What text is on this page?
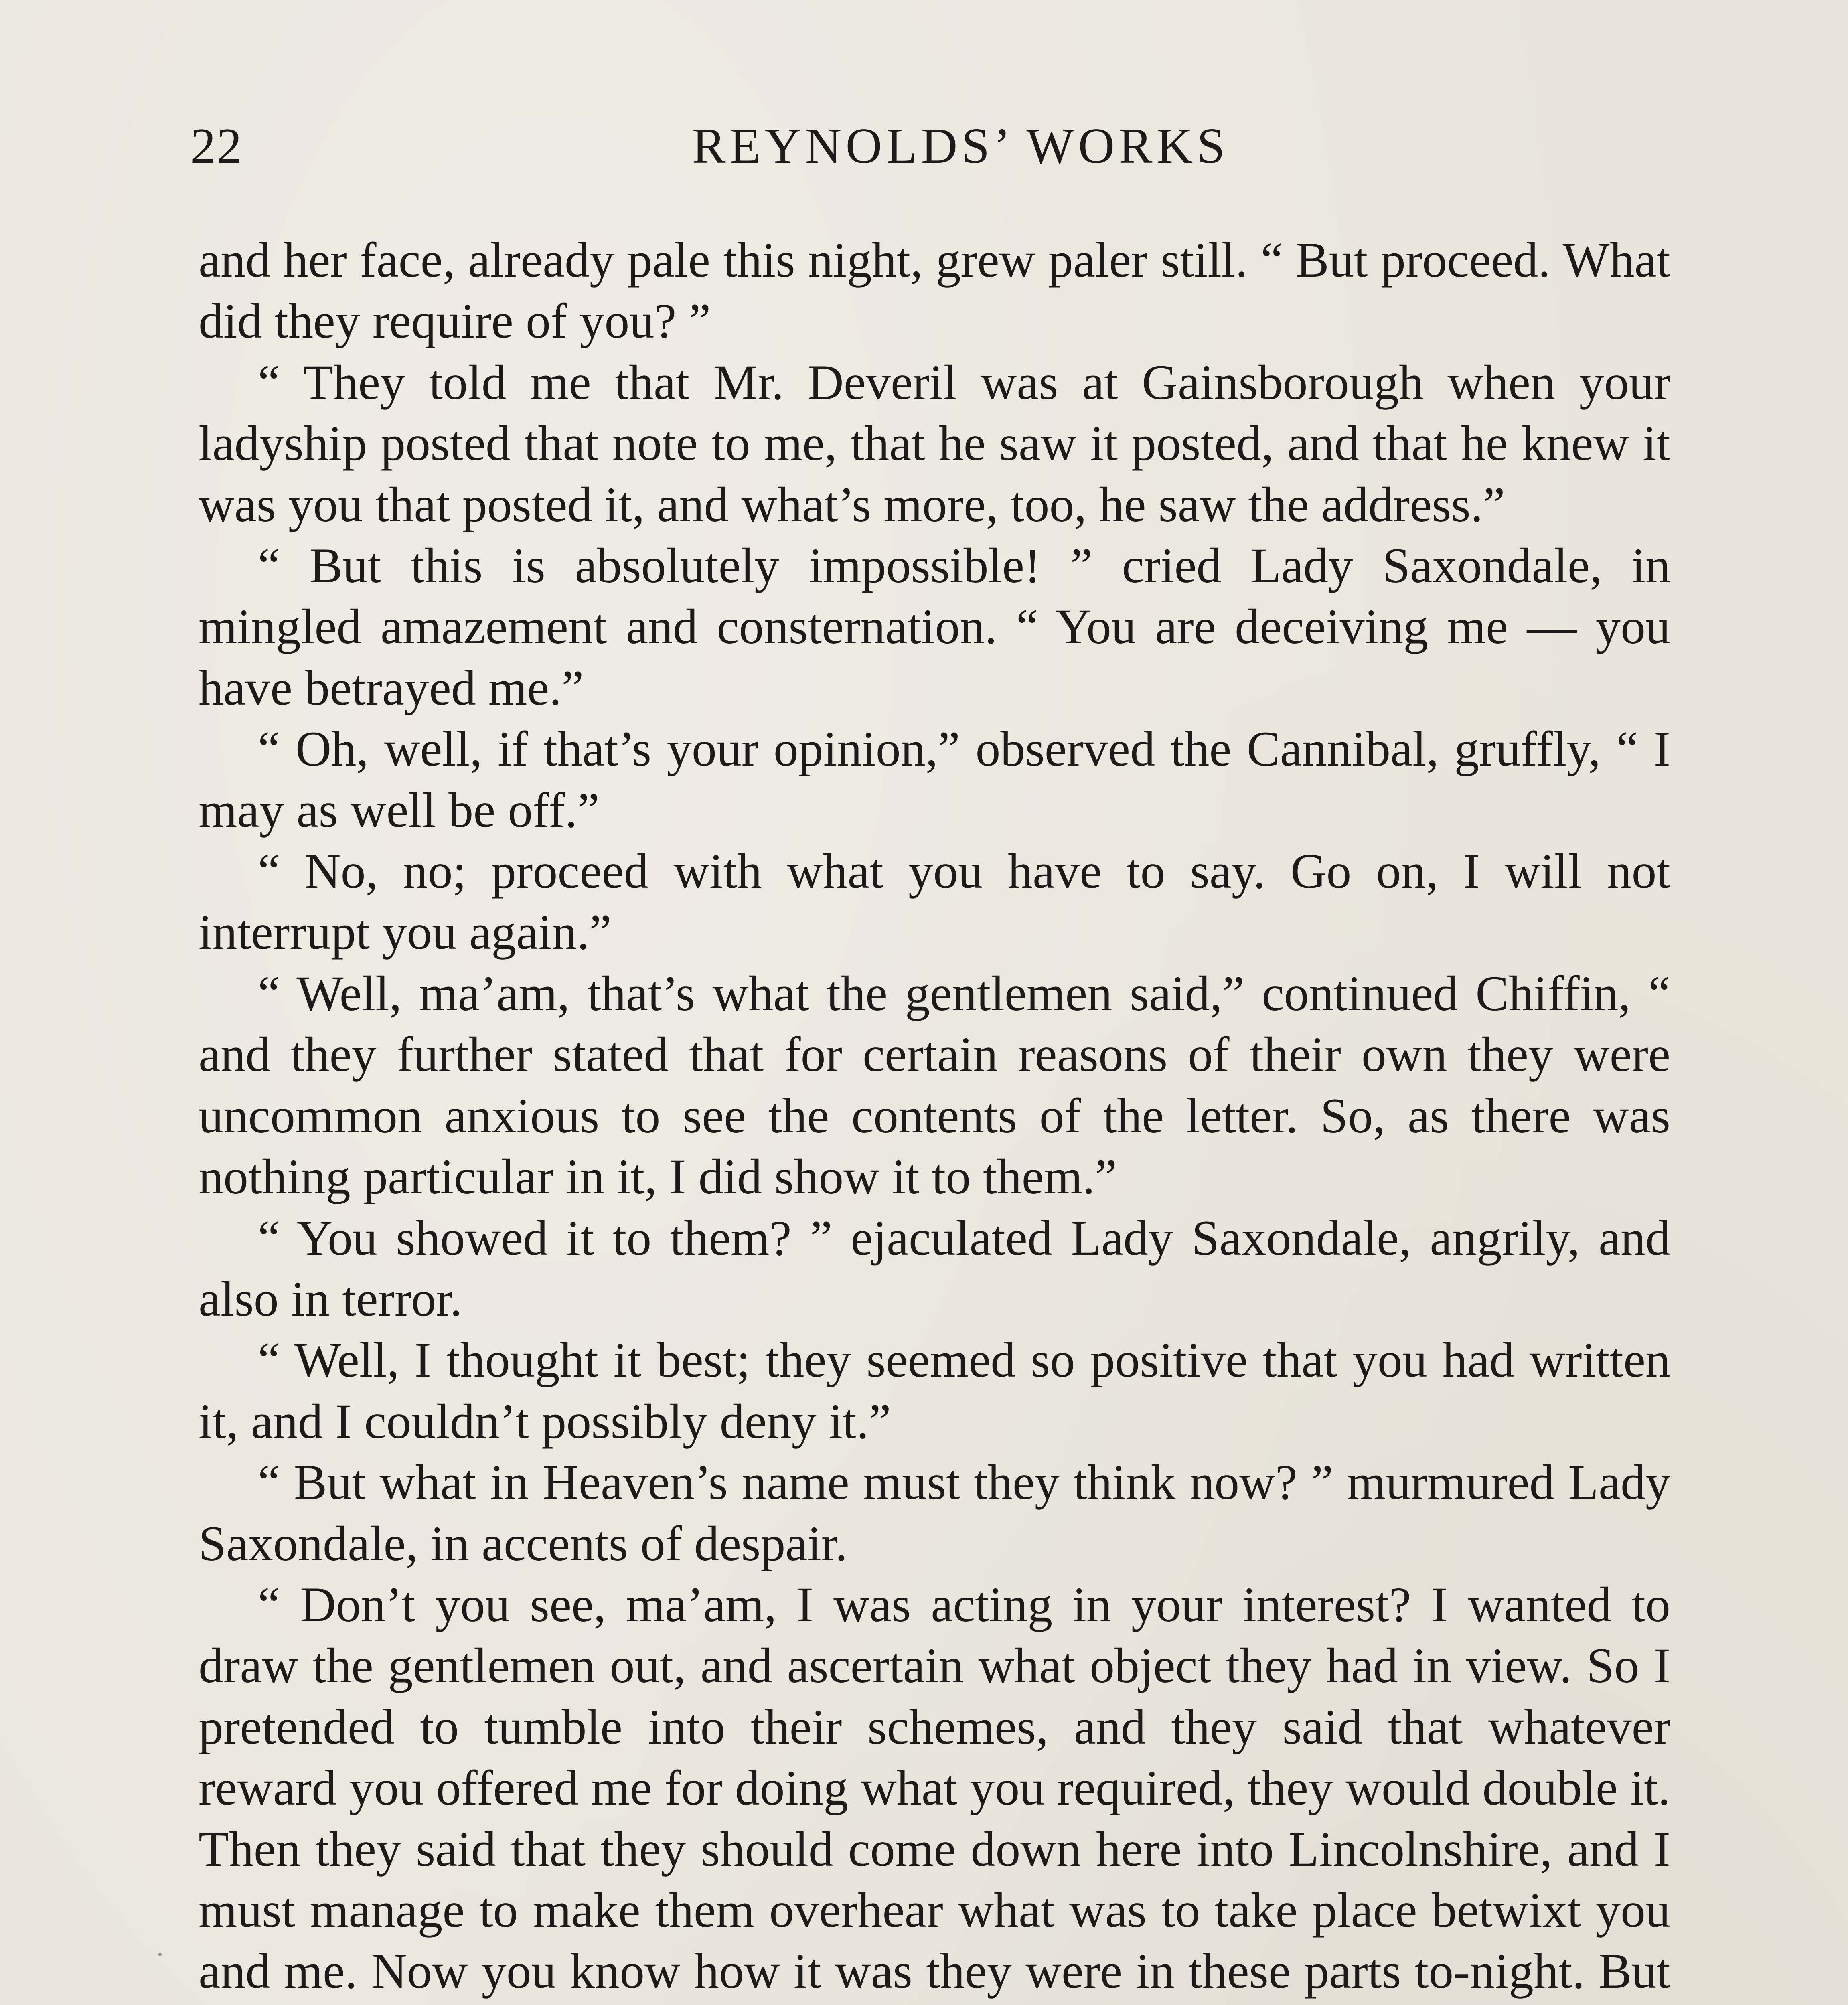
22	REYNOLDS’ WORKS

and her face, already pale this night, grew paler still. “ But proceed. What did they require of you? ”

“ They told me that Mr. Deveril was at Gainsborough when your ladyship posted that note to me, that he saw it posted, and that he knew it was you that posted it, and what’s more, too, he saw the address.”

“ But this is absolutely impossible! ” cried Lady Saxondale, in mingled amazement and consternation. “ You are deceiving me — you have betrayed me.”

“ Oh, well, if that’s your opinion,” observed the Cannibal, gruffly, “ I may as well be off.”

“ No, no; proceed with what you have to say. Go on, I will not interrupt you again.”

“ Well, ma’am, that’s what the gentlemen said,” continued Chiffin, “ and they further stated that for certain reasons of their own they were uncommon anxious to see the contents of the letter. So, as there was nothing particular in it, I did show it to them.”

“ You showed it to them? ” ejaculated Lady Saxondale, angrily, and also in terror.

“ Well, I thought it best; they seemed so positive that you had written it, and I couldn’t possibly deny it.”

“ But what in Heaven’s name must they think now? ” murmured Lady Saxondale, in accents of despair.

“ Don’t you see, ma’am, I was acting in your interest? I wanted to draw the gentlemen out, and ascertain what object they had in view. So I pretended to tumble into their schemes, and they said that whatever reward you offered me for doing what you required, they would double it. Then they said that they should come down here into Lincolnshire, and I must manage to make them overhear what was to take place betwixt you and me. Now you know how it was they were in these parts to-night. But
